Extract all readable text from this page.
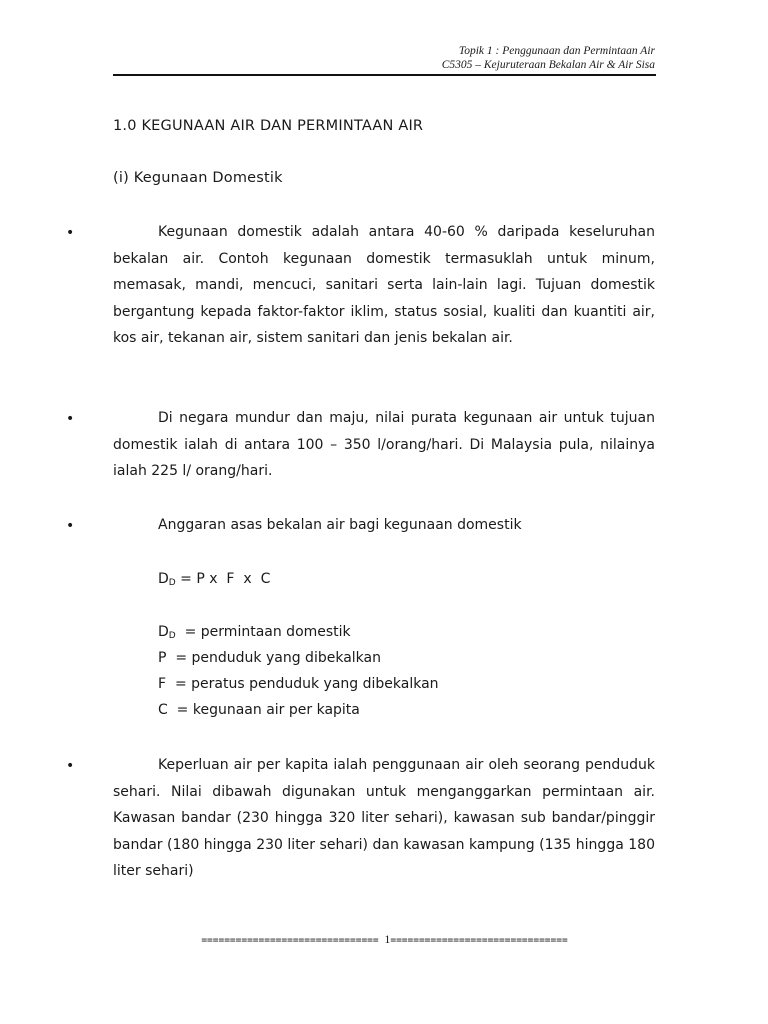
Topik 1 : Penggunaan dan Permintaan Air
C5305 – Kejuruteraan Bekalan Air & Air Sisa
1.0 KEGUNAAN AIR DAN PERMINTAAN AIR
(i) Kegunaan Domestik
•	Kegunaan domestik adalah antara 40-60 % daripada keseluruhan bekalan air. Contoh kegunaan domestik termasuklah untuk minum, memasak, mandi, mencuci, sanitari serta lain-lain lagi. Tujuan domestik bergantung kepada faktor-faktor iklim, status sosial, kualiti dan kuantiti air, kos air, tekanan air, sistem sanitari dan jenis bekalan air.
•	Di negara mundur dan maju, nilai purata kegunaan air untuk tujuan domestik ialah di antara 100 – 350 l/orang/hari. Di Malaysia pula, nilainya ialah 225 l/ orang/hari.
•	Anggaran asas bekalan air bagi kegunaan domestik
$D_D = P$ x  F  x  C
$D_D$  = permintaan domestik
P  = penduduk yang dibekalkan
F  = peratus penduduk yang dibekalkan
C  = kegunaan air per kapita
•	Keperluan air per kapita ialah penggunaan air oleh seorang penduduk sehari. Nilai dibawah digunakan untuk menganggarkan permintaan air. Kawasan bandar (230 hingga 320 liter sehari), kawasan sub bandar/pinggir bandar (180 hingga 230 liter sehari) dan kawasan kampung (135 hingga 180 liter sehari)
=============================== 1===============================
